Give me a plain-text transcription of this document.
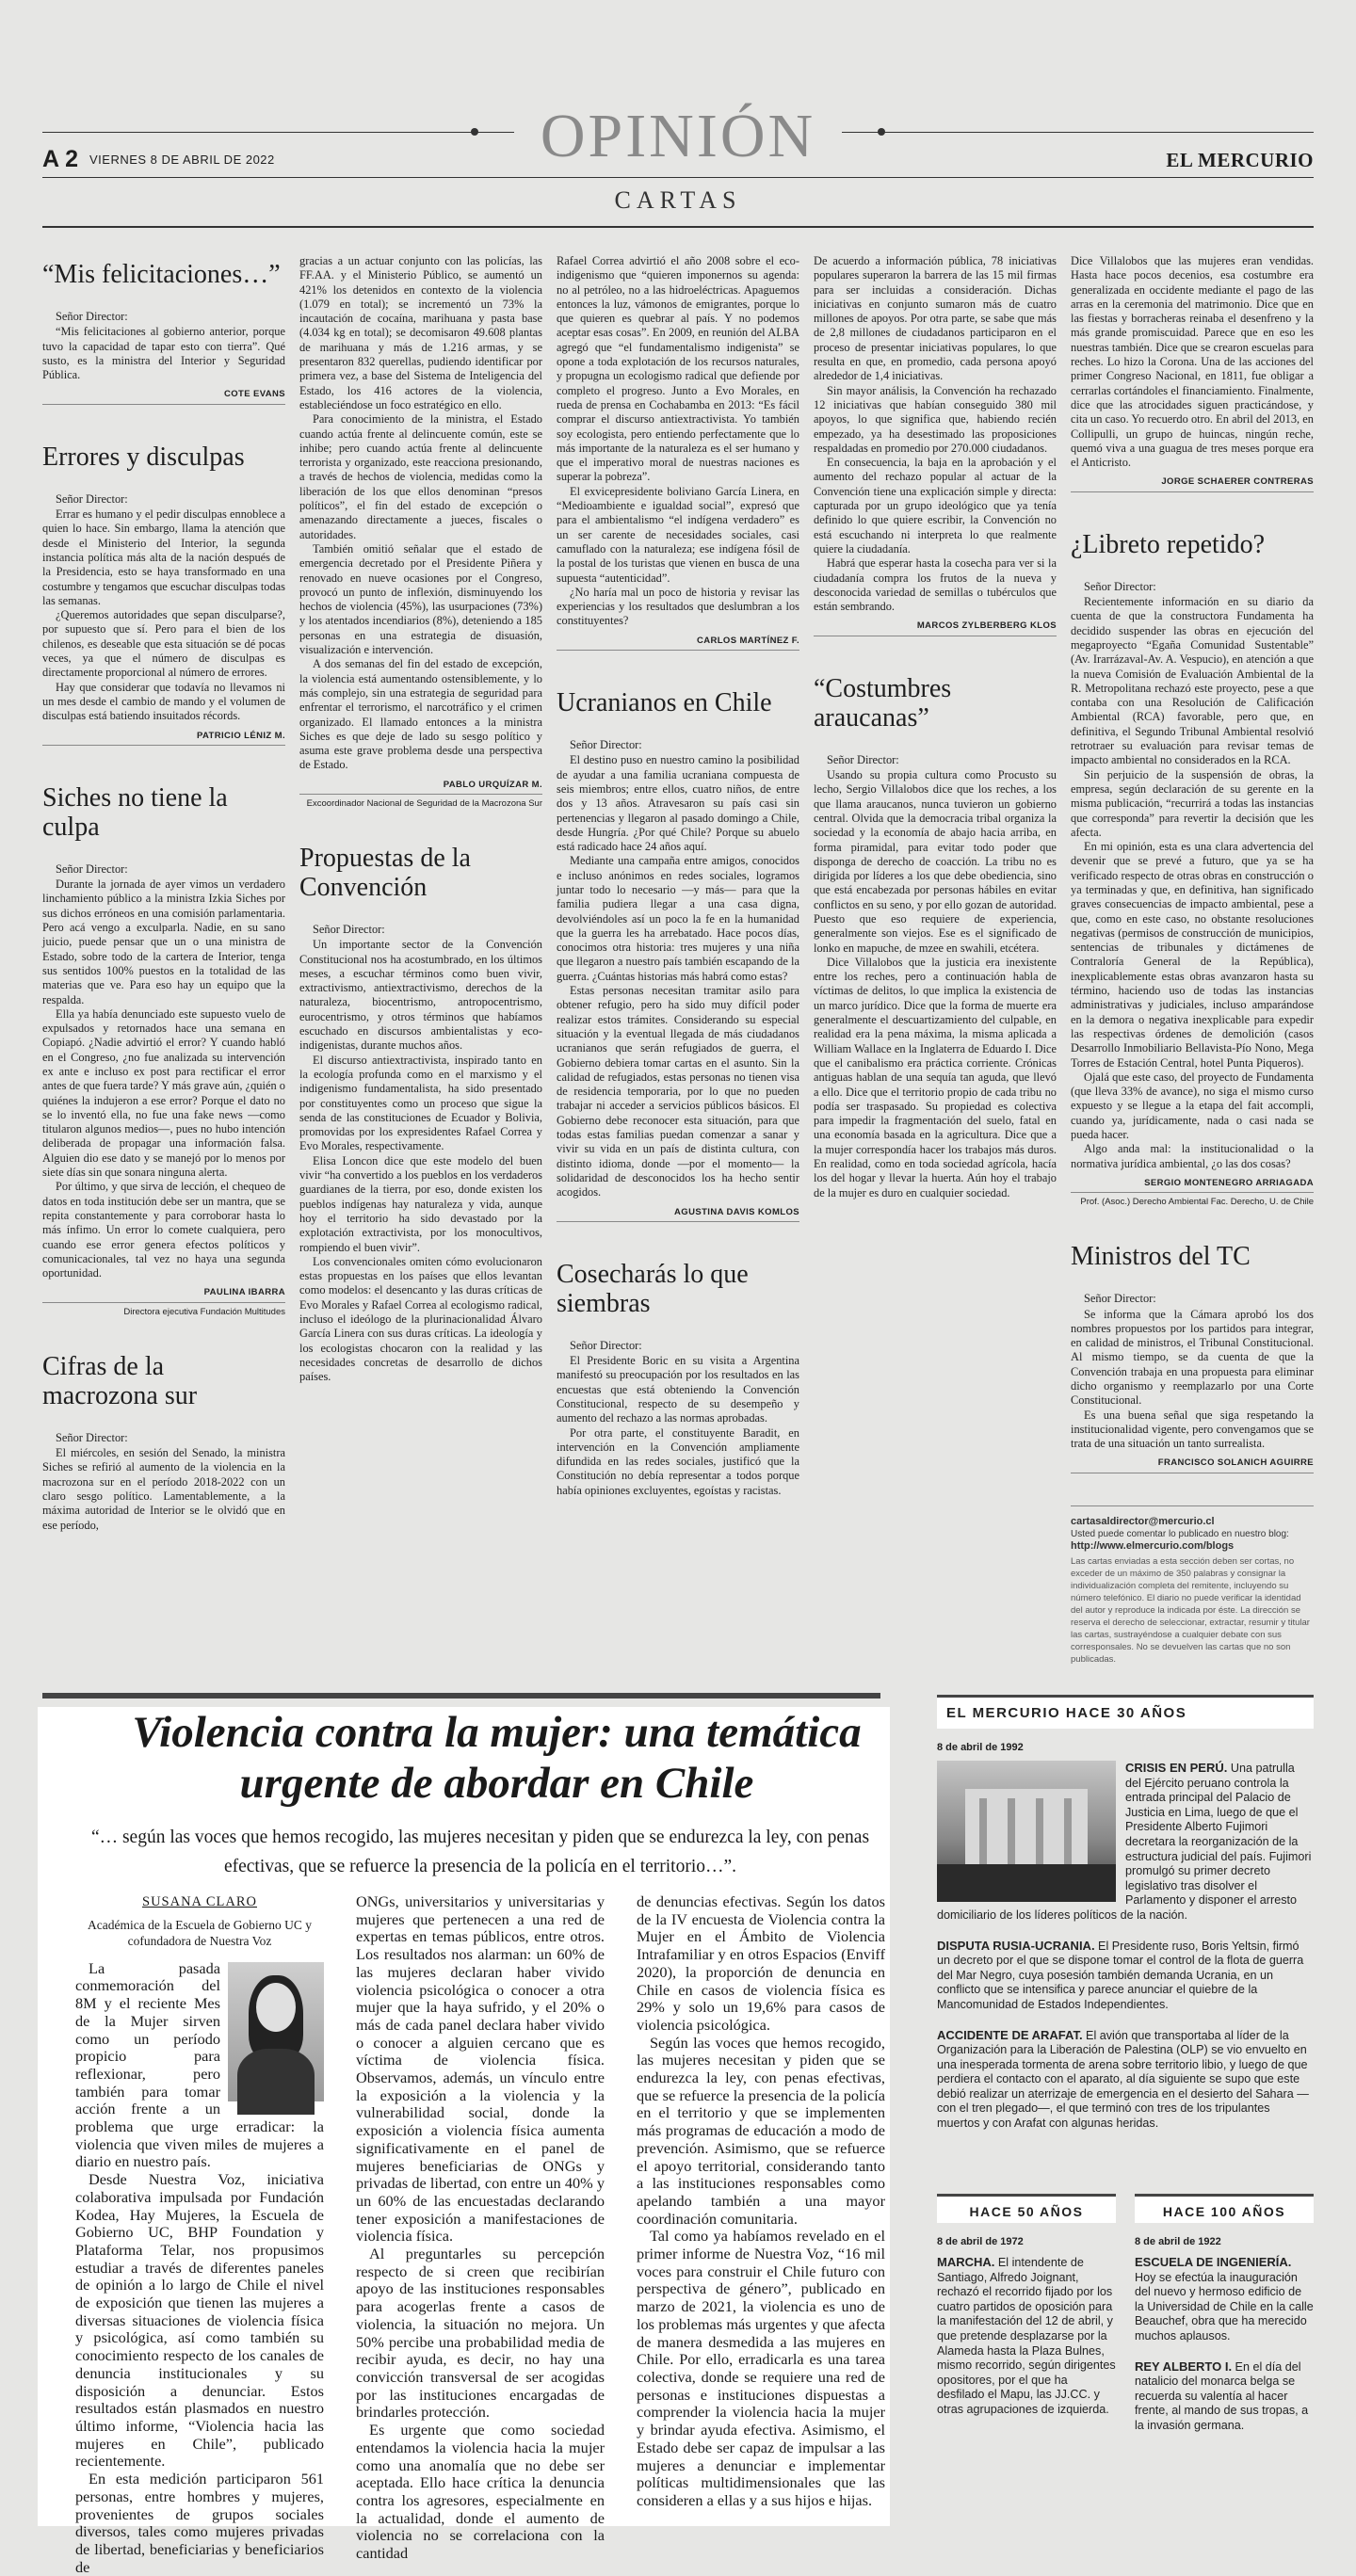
OPINIÓN
A 2 VIERNES 8 DE ABRIL DE 2022	EL MERCURIO
CARTAS
“Mis felicitaciones…”

Señor Director:

“Mis felicitaciones al gobierno anterior, porque tuvo la capacidad de tapar esto con tierra”. Qué susto, es la ministra del Interior y Seguridad Pública.

COTE EVANS
Errores y disculpas

Señor Director:

Errar es humano y el pedir disculpas ennoblece a quien lo hace. Sin embargo, llama la atención que desde el Ministerio del Interior, la segunda instancia política más alta de la nación después de la Presidencia, esto se haya transformado en una costumbre y tengamos que escuchar disculpas todas las semanas.

¿Queremos autoridades que sepan disculparse?, por supuesto que sí. Pero para el bien de los chilenos, es deseable que esta situación se dé pocas veces, ya que el número de disculpas es directamente proporcional al número de errores.

Hay que considerar que todavía no llevamos ni un mes desde el cambio de mando y el volumen de disculpas está batiendo insuitados récords.

PATRICIO LÉNIZ M.
Siches no tiene la culpa

Señor Director:

Durante la jornada de ayer vimos un verdadero linchamiento público a la ministra Izkia Siches por sus dichos erróneos en una comisión parlamentaria. Pero acá vengo a exculparla. Nadie, en su sano juicio, puede pensar que un o una ministra de Estado, sobre todo de la cartera de Interior, tenga sus sentidos 100% puestos en la totalidad de las materias que ve. Para eso hay un equipo que la respalda.

Ella ya había denunciado este supuesto vuelo de expulsados y retornados hace una semana en Copiapó. ¿Nadie advirtió el error? Y cuando habló en el Congreso, ¿no fue analizada su intervención ex ante e incluso ex post para rectificar el error antes de que fuera tarde? Y más grave aún, ¿quién o quiénes la indujeron a ese error? Porque el dato no se lo inventó ella, no fue una fake news —como titularon algunos medios—, pues no hubo intención deliberada de propagar una información falsa. Alguien dio ese dato y se manejó por lo menos por siete días sin que sonara ninguna alerta.

Por último, y que sirva de lección, el chequeo de datos en toda institución debe ser un mantra, que se repita constantemente y para corroborar hasta lo más ínfimo. Un error lo comete cualquiera, pero cuando ese error genera efectos políticos y comunicacionales, tal vez no haya una segunda oportunidad.

PAULINA IBARRA
Directora ejecutiva Fundación Multitudes
Cifras de la macrozona sur

Señor Director:

El miércoles, en sesión del Senado, la ministra Siches se refirió al aumento de la violencia en la macrozona sur en el período 2018-2022 con un claro sesgo político. Lamentablemente, a la máxima autoridad de Interior se le olvidó que en ese período,

gracias a un actuar conjunto con las policías, las FF.AA. y el Ministerio Público, se aumentó un 421% los detenidos en contexto de la violencia (1.079 en total); se incrementó un 73% la incautación de cocaína, marihuana y pasta base (4.034 kg en total); se decomisaron 49.608 plantas de marihuana y más de 1.216 armas, y se presentaron 832 querellas, pudiendo identificar por primera vez, a base del Sistema de Inteligencia del Estado, los 416 actores de la violencia, estableciéndose un foco estratégico en ello.

Para conocimiento de la ministra, el Estado cuando actúa frente al delincuente común, este se inhibe; pero cuando actúa frente al delincuente terrorista y organizado, este reacciona presionando, a través de hechos de violencia, medidas como la liberación de los que ellos denominan “presos políticos”, el fin del estado de excepción o amenazando directamente a jueces, fiscales o autoridades.

También omitió señalar que el estado de emergencia decretado por el Presidente Piñera y renovado en nueve ocasiones por el Congreso, provocó un punto de inflexión, disminuyendo los hechos de violencia (45%), las usurpaciones (73%) y los atentados incendiarios (8%), deteniendo a 185 personas en una estrategia de disuasión, visualización e intervención.

A dos semanas del fin del estado de excepción, la violencia está aumentando ostensiblemente, y lo más complejo, sin una estrategia de seguridad para enfrentar el terrorismo, el narcotráfico y el crimen organizado. El llamado entonces a la ministra Siches es que deje de lado su sesgo político y asuma este grave problema desde una perspectiva de Estado.

PABLO URQUÍZAR M.
Excoordinador Nacional de Seguridad de la Macrozona Sur
Propuestas de la Convención

Señor Director:

Un importante sector de la Convención Constitucional nos ha acostumbrado, en los últimos meses, a escuchar términos como buen vivir, extractivismo, antiextractivismo, derechos de la naturaleza, biocentrismo, antropocentrismo, eurocentrismo, y otros términos que habíamos escuchado en discursos ambientalistas y eco-indigenistas, durante muchos años.

El discurso antiextractivista, inspirado tanto en la ecología profunda como en el marxismo y el indigenismo fundamentalista, ha sido presentado por constituyentes como un proceso que sigue la senda de las constituciones de Ecuador y Bolivia, promovidas por los expresidentes Rafael Correa y Evo Morales, respectivamente.

Elisa Loncon dice que este modelo del buen vivir “ha convertido a los pueblos en los verdaderos guardianes de la tierra, por eso, donde existen los pueblos indígenas hay naturaleza y vida, aunque hoy el territorio ha sido devastado por la explotación extractivista, por los monocultivos, rompiendo el buen vivir”.

Los convencionales omiten cómo evolucionaron estas propuestas en los países que ellos levantan como modelos: el desencanto y las duras críticas de Evo Morales y Rafael Correa al ecologismo radical, incluso el ideólogo de la plurinacionalidad Álvaro García Linera con sus duras críticas. La ideología y los ecologistas chocaron con la realidad y las necesidades concretas de desarrollo de dichos países.

Rafael Correa advirtió el año 2008 sobre el eco-indigenismo que “quieren imponernos su agenda: no al petróleo, no a las hidroeléctricas. Apaguemos entonces la luz, vámonos de emigrantes, porque lo que quieren es quebrar al país. Y no podemos aceptar esas cosas”. En 2009, en reunión del ALBA agregó que “el fundamentalismo indigenista” se opone a toda explotación de los recursos naturales, y propugna un ecologismo radical que defiende por completo el progreso. Junto a Evo Morales, en rueda de prensa en Cochabamba en 2013: “Es fácil comprar el discurso antiextractivista. Yo también soy ecologista, pero entiendo perfectamente que lo más importante de la naturaleza es el ser humano y que el imperativo moral de nuestras naciones es superar la pobreza”.

El exvicepresidente boliviano García Linera, en “Medioambiente e igualdad social”, expresó que para el ambientalismo “el indígena verdadero” es un ser carente de necesidades sociales, casi camuflado con la naturaleza; ese indígena fósil de la postal de los turistas que vienen en busca de una supuesta “autenticidad”.

¿No haría mal un poco de historia y revisar las experiencias y los resultados que deslumbran a los constituyentes?

CARLOS MARTÍNEZ F.
Ucranianos en Chile

Señor Director:

El destino puso en nuestro camino la posibilidad de ayudar a una familia ucraniana compuesta de seis miembros; entre ellos, cuatro niños, de entre dos y 13 años. Atravesaron su país casi sin pertenencias y llegaron al pasado domingo a Chile, desde Hungría. ¿Por qué Chile? Porque su abuelo está radicado hace 24 años aquí.

Mediante una campaña entre amigos, conocidos e incluso anónimos en redes sociales, logramos juntar todo lo necesario —y más— para que la familia pudiera llegar a una casa digna, devolviéndoles así un poco la fe en la humanidad que la guerra les ha arrebatado. Hace pocos días, conocimos otra historia: tres mujeres y una niña que llegaron a nuestro país también escapando de la guerra. ¿Cuántas historias más habrá como estas?

Estas personas necesitan tramitar asilo para obtener refugio, pero ha sido muy difícil poder realizar estos trámites. Considerando su especial situación y la eventual llegada de más ciudadanos ucranianos que serán refugiados de guerra, el Gobierno debiera tomar cartas en el asunto. Sin la calidad de refugiados, estas personas no tienen visa de residencia temporaria, por lo que no pueden trabajar ni acceder a servicios públicos básicos. El Gobierno debe reconocer esta situación, para que todas estas familias puedan comenzar a sanar y vivir su vida en un país de distinta cultura, con distinto idioma, donde —por el momento— la solidaridad de desconocidos los ha hecho sentir acogidos.

AGUSTINA DAVIS KOMLOS
Cosecharás lo que siembras

Señor Director:

El Presidente Boric en su visita a Argentina manifestó su preocupación por los resultados en las encuestas que está obteniendo la Convención Constitucional, respecto de su desempeño y aumento del rechazo a las normas aprobadas.

Por otra parte, el constituyente Baradit, en intervención en la Convención ampliamente difundida en las redes sociales, justificó que la Constitución no debía representar a todos porque había opiniones excluyentes, egoístas y racistas.

De acuerdo a información pública, 78 iniciativas populares superaron la barrera de las 15 mil firmas para ser incluidas a consideración. Dichas iniciativas en conjunto sumaron más de cuatro millones de apoyos. Por otra parte, se sabe que más de 2,8 millones de ciudadanos participaron en el proceso de presentar iniciativas populares, lo que resulta en que, en promedio, cada persona apoyó alrededor de 1,4 iniciativas.

Sin mayor análisis, la Convención ha rechazado 12 iniciativas que habían conseguido 380 mil apoyos, lo que significa que, habiendo recién empezado, ya ha desestimado las proposiciones respaldadas en promedio por 270.000 ciudadanos.

En consecuencia, la baja en la aprobación y el aumento del rechazo popular al actuar de la Convención tiene una explicación simple y directa: capturada por un grupo ideológico que ya tenía definido lo que quiere escribir, la Convención no está escuchando ni interpreta lo que realmente quiere la ciudadanía.

Habrá que esperar hasta la cosecha para ver si la ciudadanía compra los frutos de la nueva y desconocida variedad de semillas o tubérculos que están sembrando.

MARCOS ZYLBERBERG KLOS
“Costumbres araucanas”

Señor Director:

Usando su propia cultura como Procusto su lecho, Sergio Villalobos dice que los reches, a los que llama araucanos, nunca tuvieron un gobierno central. Olvida que la democracia tribal organiza la sociedad y la economía de abajo hacia arriba, en forma piramidal, para evitar todo poder que disponga de derecho de coacción. La tribu no es dirigida por líderes a los que debe obediencia, sino que está encabezada por personas hábiles en evitar conflictos en su seno, y por ello gozan de autoridad. Puesto que eso requiere de experiencia, generalmente son viejos. Ese es el significado de lonko en mapuche, de mzee en swahili, etcétera.

Dice Villalobos que la justicia era inexistente entre los reches, pero a continuación habla de víctimas de delitos, lo que implica la existencia de un marco jurídico. Dice que la forma de muerte era generalmente el descuartizamiento del culpable, en realidad era la pena máxima, la misma aplicada a William Wallace en la Inglaterra de Eduardo I. Dice que el canibalismo era práctica corriente. Crónicas antiguas hablan de una sequía tan aguda, que llevó a ello. Dice que el territorio propio de cada tribu no podía ser traspasado. Su propiedad es colectiva para impedir la fragmentación del suelo, fatal en una economía basada en la agricultura. Dice que a la mujer correspondía hacer los trabajos más duros. En realidad, como en toda sociedad agrícola, hacía los del hogar y llevar la huerta. Aún hoy el trabajo de la mujer es duro en cualquier sociedad.

Dice Villalobos que las mujeres eran vendidas. Hasta hace pocos decenios, esa costumbre era generalizada en occidente mediante el pago de las arras en la ceremonia del matrimonio. Dice que en las fiestas y borracheras reinaba el desenfreno y la más grande promiscuidad. Parece que en eso les nuestras también. Dice que se crearon escuelas para reches. Lo hizo la Corona. Una de las acciones del primer Congreso Nacional, en 1811, fue obligar a cerrarlas cortándoles el financiamiento. Finalmente, dice que las atrocidades siguen practicándose, y cita un caso. Yo recuerdo otro. En abril del 2013, en Collipulli, un grupo de huincas, ningún reche, quemó viva a una guagua de tres meses porque era el Anticristo.

JORGE SCHAERER CONTRERAS
¿Libreto repetido?

Señor Director:

Recientemente información en su diario da cuenta de que la constructora Fundamenta ha decidido suspender las obras en ejecución del megaproyecto “Egaña Comunidad Sustentable” (Av. Irarrázaval-Av. A. Vespucio), en atención a que la nueva Comisión de Evaluación Ambiental de la R. Metropolitana rechazó este proyecto, pese a que contaba con una Resolución de Calificación Ambiental (RCA) favorable, pero que, en definitiva, el Segundo Tribunal Ambiental resolvió retrotraer su evaluación para revisar temas de impacto ambiental no considerados en la RCA.

Sin perjuicio de la suspensión de obras, la empresa, según declaración de su gerente en la misma publicación, “recurrirá a todas las instancias que corresponda” para revertir la decisión que les afecta.

En mi opinión, esta es una clara advertencia del devenir que se prevé a futuro, que ya se ha verificado respecto de otras obras en construcción o ya terminadas y que, en definitiva, han significado graves consecuencias de impacto ambiental, pese a que, como en este caso, no obstante resoluciones negativas (permisos de construcción de municipios, sentencias de tribunales y dictámenes de Contraloría General de la República), inexplicablemente estas obras avanzaron hasta su término, haciendo uso de todas las instancias administrativas y judiciales, incluso amparándose en la demora o negativa inexplicable para expedir las respectivas órdenes de demolición (casos Desarrollo Inmobiliario Bellavista-Pío Nono, Mega Torres de Estación Central, hotel Punta Piqueros).

Ojalá que este caso, del proyecto de Fundamenta (que lleva 33% de avance), no siga el mismo curso expuesto y se llegue a la etapa del fait accompli, cuando ya, jurídicamente, nada o casi nada se pueda hacer.

Algo anda mal: la institucionalidad o la normativa jurídica ambiental, ¿o las dos cosas?

SERGIO MONTENEGRO ARRIAGADA
Prof. (Asoc.) Derecho Ambiental Fac. Derecho, U. de Chile
Ministros del TC

Señor Director:

Se informa que la Cámara aprobó los dos nombres propuestos por los partidos para integrar, en calidad de ministros, el Tribunal Constitucional. Al mismo tiempo, se da cuenta de que la Convención trabaja en una propuesta para eliminar dicho organismo y reemplazarlo por una Corte Constitucional.

Es una buena señal que siga respetando la institucionalidad vigente, pero convengamos que se trata de una situación un tanto surrealista.

FRANCISCO SOLANICH AGUIRRE
cartasaldirector@mercurio.cl
Usted puede comentar lo publicado en nuestro blog:
http://www.elmercurio.com/blogs
Las cartas enviadas a esta sección deben ser cortas, no exceder de un máximo de 350 palabras y consignar la individualización completa del remitente, incluyendo su número telefónico. El diario no puede verificar la identidad del autor y reproduce la indicada por éste. La dirección se reserva el derecho de seleccionar, extractar, resumir y titular las cartas, sustrayéndose a cualquier debate con sus corresponsales. No se devuelven las cartas que no son publicadas.
Violencia contra la mujer: una temática urgente de abordar en Chile
“… según las voces que hemos recogido, las mujeres necesitan y piden que se endurezca la ley, con penas efectivas, que se refuerce la presencia de la policía en el territorio…”.
SUSANA CLARO
Académica de la Escuela de Gobierno UC y cofundadora de Nuestra Voz

La pasada conmemoración del 8M y el reciente Mes de la Mujer sirven como un período propicio para reflexionar, pero también para tomar acción frente a un problema que urge erradicar: la violencia que viven miles de mujeres a diario en nuestro país.

Desde Nuestra Voz, iniciativa colaborativa impulsada por Fundación Kodea, Hay Mujeres, la Escuela de Gobierno UC, BHP Foundation y Plataforma Telar, nos propusimos estudiar a través de diferentes paneles de opinión a lo largo de Chile el nivel de exposición que tienen las mujeres a diversas situaciones de violencia física y psicológica, así como también su conocimiento respecto de los canales de denuncia institucionales y su disposición a denunciar. Estos resultados están plasmados en nuestro último informe, “Violencia hacia las mujeres en Chile”, publicado recientemente.

En esta medición participaron 561 personas, entre hombres y mujeres, provenientes de grupos sociales diversos, tales como mujeres privadas de libertad, beneficiarias y beneficiarios de

ONGs, universitarios y universitarias y mujeres que pertenecen a una red de expertas en temas públicos, entre otros. Los resultados nos alarman: un 60% de las mujeres declaran haber vivido violencia psicológica o conocer a otra mujer que la haya sufrido, y el 20% o más de cada panel declara haber vivido o conocer a alguien cercano que es víctima de violencia física. Observamos, además, un vínculo entre la exposición a la violencia y la vulnerabilidad social, donde la exposición a violencia física aumenta significativamente en el panel de mujeres beneficiarias de ONGs y privadas de libertad, con entre un 40% y un 60% de las encuestadas declarando tener exposición a manifestaciones de violencia física.

Al preguntarles su percepción respecto de si creen que recibirían apoyo de las instituciones responsables para acogerlas frente a casos de violencia, la situación no mejora. Un 50% percibe una probabilidad media de recibir ayuda, es decir, no hay una convicción transversal de ser acogidas por las instituciones encargadas de brindarles protección.

Es urgente que como sociedad entendamos la violencia hacia la mujer como una anomalía que no debe ser aceptada. Ello hace crítica la denuncia contra los agresores, especialmente en la actualidad, donde el aumento de violencia no se correlaciona con la cantidad

de denuncias efectivas. Según los datos de la IV encuesta de Violencia contra la Mujer en el Ámbito de Violencia Intrafamiliar y en otros Espacios (Enviff 2020), la proporción de denuncia en Chile en casos de violencia física es 29% y solo un 19,6% para casos de violencia psicológica.

Según las voces que hemos recogido, las mujeres necesitan y piden que se endurezca la ley, con penas efectivas, que se refuerce la presencia de la policía en el territorio y que se implementen más programas de educación a modo de prevención. Asimismo, que se refuerce el apoyo territorial, considerando tanto a las instituciones responsables como apelando también a una mayor coordinación comunitaria.

Tal como ya habíamos revelado en el primer informe de Nuestra Voz, “16 mil voces para construir el Chile futuro con perspectiva de género”, publicado en marzo de 2021, la violencia es uno de los problemas más urgentes y que afecta de manera desmedida a las mujeres en Chile. Por ello, erradicarla es una tarea colectiva, donde se requiere una red de personas e instituciones dispuestas a comprender la violencia hacia la mujer y brindar ayuda efectiva. Asimismo, el Estado debe ser capaz de impulsar a las mujeres a denunciar e implementar políticas multidimensionales que las consideren a ellas y a sus hijos e hijas.

EL MERCURIO HACE 30 AÑOS
8 de abril de 1992

CRISIS EN PERÚ. Una patrulla del Ejército peruano controla la entrada principal del Palacio de Justicia en Lima, luego de que el Presidente Alberto Fujimori decretara la reorganización de la estructura judicial del país. Fujimori promulgó su primer decreto legislativo tras disolver el Parlamento y disponer el arresto domiciliario de los líderes políticos de la nación.

DISPUTA RUSIA-UCRANIA. El Presidente ruso, Boris Yeltsin, firmó un decreto por el que se dispone tomar el control de la flota de guerra del Mar Negro, cuya posesión también demanda Ucrania, en un conflicto que se intensifica y parece anunciar el quiebre de la Mancomunidad de Estados Independientes.

ACCIDENTE DE ARAFAT. El avión que transportaba al líder de la Organización para la Liberación de Palestina (OLP) se vio envuelto en una inesperada tormenta de arena sobre territorio libio, y luego de que perdiera el contacto con el aparato, al día siguiente se supo que este debió realizar un aterrizaje de emergencia en el desierto del Sahara —con el tren plegado—, el que terminó con tres de los tripulantes muertos y con Arafat con algunas heridas.

HACE 50 AÑOS
8 de abril de 1972

MARCHA. El intendente de Santiago, Alfredo Joignant, rechazó el recorrido fijado por los cuatro partidos de oposición para la manifestación del 12 de abril, y que pretende desplazarse por la Alameda hasta la Plaza Bulnes, mismo recorrido, según dirigentes opositores, por el que ha desfilado el Mapu, las JJ.CC. y otras agrupaciones de izquierda.

HACE 100 AÑOS
8 de abril de 1922

ESCUELA DE INGENIERÍA. Hoy se efectúa la inauguración del nuevo y hermoso edificio de la Universidad de Chile en la calle Beauchef, obra que ha merecido muchos aplausos.

REY ALBERTO I. En el día del natalicio del monarca belga se recuerda su valentía al hacer frente, al mando de sus tropas, a la invasión germana.
